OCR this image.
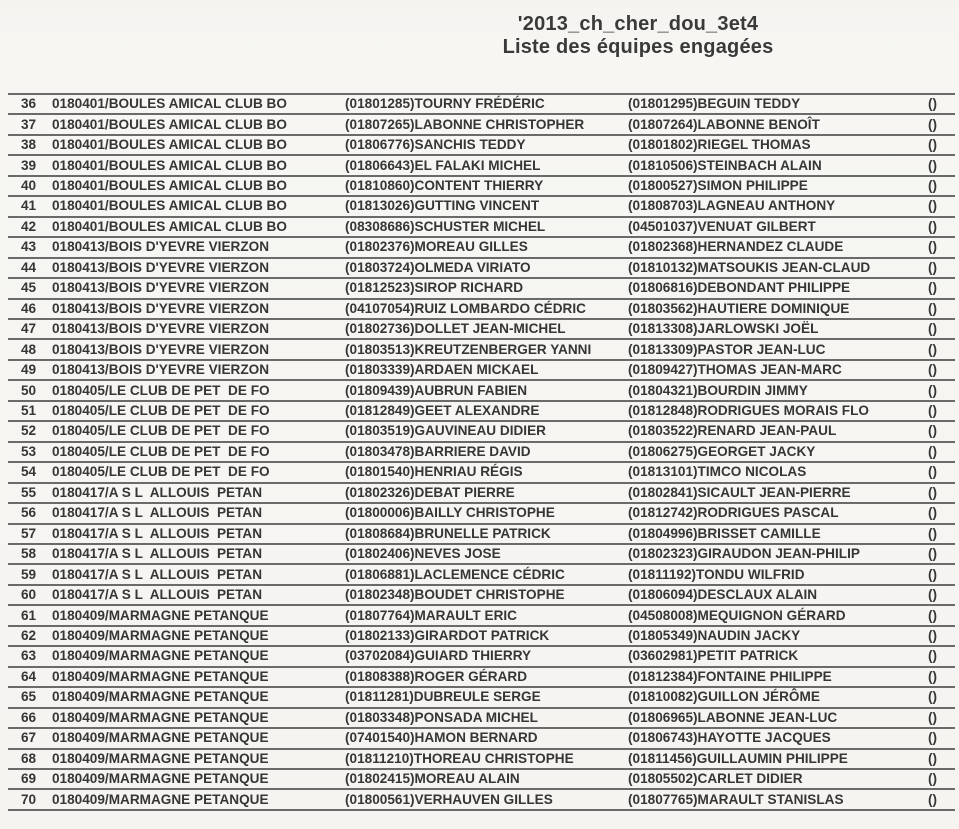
'2013_ch_cher_dou_3et4
Liste des équipes engagées
36	0180401/BOULES AMICAL CLUB BO	(01801285)TOURNY FRÉDÉRIC	(01801295)BEGUIN TEDDY	()
37	0180401/BOULES AMICAL CLUB BO	(01807265)LABONNE CHRISTOPHER	(01807264)LABONNE BENOÎT	()
38	0180401/BOULES AMICAL CLUB BO	(01806776)SANCHIS TEDDY	(01801802)RIEGEL THOMAS	()
39	0180401/BOULES AMICAL CLUB BO	(01806643)EL FALAKI MICHEL	(01810506)STEINBACH ALAIN	()
40	0180401/BOULES AMICAL CLUB BO	(01810860)CONTENT THIERRY	(01800527)SIMON PHILIPPE	()
41	0180401/BOULES AMICAL CLUB BO	(01813026)GUTTING VINCENT	(01808703)LAGNEAU ANTHONY	()
42	0180401/BOULES AMICAL CLUB BO	(08308686)SCHUSTER MICHEL	(04501037)VENUAT GILBERT	()
43	0180413/BOIS D'YEVRE VIERZON	(01802376)MOREAU GILLES	(01802368)HERNANDEZ CLAUDE	()
44	0180413/BOIS D'YEVRE VIERZON	(01803724)OLMEDA VIRIATO	(01810132)MATSOUKIS JEAN-CLAUD	()
45	0180413/BOIS D'YEVRE VIERZON	(01812523)SIROP RICHARD	(01806816)DEBONDANT PHILIPPE	()
46	0180413/BOIS D'YEVRE VIERZON	(04107054)RUIZ LOMBARDO CÉDRIC	(01803562)HAUTIERE DOMINIQUE	()
47	0180413/BOIS D'YEVRE VIERZON	(01802736)DOLLET JEAN-MICHEL	(01813308)JARLOWSKI JOËL	()
48	0180413/BOIS D'YEVRE VIERZON	(01803513)KREUTZENBERGER YANNI	(01813309)PASTOR JEAN-LUC	()
49	0180413/BOIS D'YEVRE VIERZON	(01803339)ARDAEN MICKAEL	(01809427)THOMAS JEAN-MARC	()
50	0180405/LE CLUB DE PET  DE FO	(01809439)AUBRUN FABIEN	(01804321)BOURDIN JIMMY	()
51	0180405/LE CLUB DE PET  DE FO	(01812849)GEET ALEXANDRE	(01812848)RODRIGUES MORAIS FLO	()
52	0180405/LE CLUB DE PET  DE FO	(01803519)GAUVINEAU DIDIER	(01803522)RENARD JEAN-PAUL	()
53	0180405/LE CLUB DE PET  DE FO	(01803478)BARRIERE DAVID	(01806275)GEORGET JACKY	()
54	0180405/LE CLUB DE PET  DE FO	(01801540)HENRIAU RÉGIS	(01813101)TIMCO NICOLAS	()
55	0180417/A S L  ALLOUIS  PETAN	(01802326)DEBAT PIERRE	(01802841)SICAULT JEAN-PIERRE	()
56	0180417/A S L  ALLOUIS  PETAN	(01800006)BAILLY CHRISTOPHE	(01812742)RODRIGUES PASCAL	()
57	0180417/A S L  ALLOUIS  PETAN	(01808684)BRUNELLE PATRICK	(01804996)BRISSET CAMILLE	()
58	0180417/A S L  ALLOUIS  PETAN	(01802406)NEVES JOSE	(01802323)GIRAUDON JEAN-PHILIP	()
59	0180417/A S L  ALLOUIS  PETAN	(01806881)LACLEMENCE CÉDRIC	(01811192)TONDU WILFRID	()
60	0180417/A S L  ALLOUIS  PETAN	(01802348)BOUDET CHRISTOPHE	(01806094)DESCLAUX ALAIN	()
61	0180409/MARMAGNE PETANQUE	(01807764)MARAULT ERIC	(04508008)MEQUIGNON GÉRARD	()
62	0180409/MARMAGNE PETANQUE	(01802133)GIRARDOT PATRICK	(01805349)NAUDIN JACKY	()
63	0180409/MARMAGNE PETANQUE	(03702084)GUIARD THIERRY	(03602981)PETIT PATRICK	()
64	0180409/MARMAGNE PETANQUE	(01808388)ROGER GÉRARD	(01812384)FONTAINE PHILIPPE	()
65	0180409/MARMAGNE PETANQUE	(01811281)DUBREULE SERGE	(01810082)GUILLON JÉRÔME	()
66	0180409/MARMAGNE PETANQUE	(01803348)PONSADA MICHEL	(01806965)LABONNE JEAN-LUC	()
67	0180409/MARMAGNE PETANQUE	(07401540)HAMON BERNARD	(01806743)HAYOTTE JACQUES	()
68	0180409/MARMAGNE PETANQUE	(01811210)THOREAU CHRISTOPHE	(01811456)GUILLAUMIN PHILIPPE	()
69	0180409/MARMAGNE PETANQUE	(01802415)MOREAU ALAIN	(01805502)CARLET DIDIER	()
70	0180409/MARMAGNE PETANQUE	(01800561)VERHAUVEN GILLES	(01807765)MARAULT STANISLAS	()
